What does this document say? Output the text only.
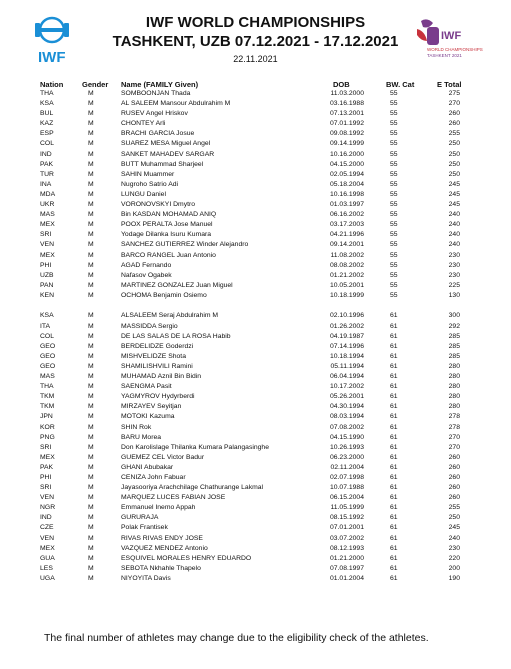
IWF
IWF
WORLD CHAMPIONSHIPS
TASHKENT 2021
IWF WORLD CHAMPIONSHIPS
TASHKENT, UZB 07.12.2021 - 17.12.2021
22.11.2021
Nation Gender Name (FAMILY Given)	DOB	BW. Cat	E Total
THA	M	SOMBOONJAN Thada	11.03.2000	55	275
KSA	M	AL SALEEM Mansour Abdulrahim M	03.16.1988	55	270
BUL	M	RUSEV Angel Hriskov	07.13.2001	55	260
KAZ	M	CHONTEY Arli	07.01.1992	55	260
ESP	M	BRACHI GARCIA Josue	09.08.1992	55	255
COL	M	SUAREZ MESA Miguel Angel	09.14.1999	55	250
IND	M	SANKET MAHADEV SARGAR	10.16.2000	55	250
PAK	M	BUTT Muhammad Sharjeel	04.15.2000	55	250
TUR	M	SAHIN Muammer	02.05.1994	55	250
INA	M	Nugroho Satrio Adi	05.18.2004	55	245
MDA	M	LUNGU Daniel	10.16.1998	55	245
UKR	M	VORONOVSKYI Dmytro	01.03.1997	55	245
MAS	M	Bin KASDAN MOHAMAD ANIQ	06.16.2002	55	240
MEX	M	POOX PERALTA Jose Manuel	03.17.2003	55	240
SRI	M	Yodage Dilanka Isuru Kumara	04.21.1996	55	240
VEN	M	SANCHEZ GUTIERREZ Winder Alejandro	09.14.2001	55	240
MEX	M	BARCO RANGEL Juan Antonio	11.08.2002	55	230
PHI	M	AGAD Fernando	08.08.2002	55	230
UZB	M	Nafasov Ogabek	01.21.2002	55	230
PAN	M	MARTINEZ GONZALEZ Juan Miguel	10.05.2001	55	225
KEN	M	OCHOMA Benjamin Osiemo	10.18.1999	55	130
KSA	M	ALSALEEM Seraj Abdulrahim M	02.10.1996	61	300
ITA	M	MASSIDDA Sergio	01.26.2002	61	292
COL	M	DE LAS SALAS DE LA ROSA Habib	04.19.1987	61	285
GEO	M	BERDELIDZE Goderdzi	07.14.1996	61	285
GEO	M	MISHVELIDZE Shota	10.18.1994	61	285
GEO	M	SHAMILISHVILI Ramini	05.11.1994	61	280
MAS	M	MUHAMAD Aznil Bin Bidin	06.04.1994	61	280
THA	M	SAENGMA Pasit	10.17.2002	61	280
TKM	M	YAGMYROV Hydyrberdi	05.26.2001	61	280
TKM	M	MIRZAYEV Seyitjan	04.30.1994	61	280
JPN	M	MOTOKI Kazuma	08.03.1994	61	278
KOR	M	SHIN Rok	07.08.2002	61	278
PNG	M	BARU Morea	04.15.1990	61	270
SRI	M	Don Karolislage Thilanka Kumara Palangasinghe	10.26.1993	61	270
MEX	M	GUEMEZ CEL Victor Badur	06.23.2000	61	260
PAK	M	GHANI Abubakar	02.11.2004	61	260
PHI	M	CENIZA John Fabuar	02.07.1998	61	260
SRI	M	Jayasooriya Arachchilage Chathurange Lakmal	10.07.1988	61	260
VEN	M	MARQUEZ LUCES FABIAN JOSE	06.15.2004	61	260
NGR	M	Emmanuel Inemo Appah	11.05.1999	61	255
IND	M	GURURAJA	08.15.1992	61	250
CZE	M	Polak Frantisek	07.01.2001	61	245
VEN	M	RIVAS RIVAS ENDY JOSE	03.07.2002	61	240
MEX	M	VAZQUEZ MENDEZ Antonio	08.12.1993	61	230
GUA	M	ESQUIVEL MORALES HENRY EDUARDO	01.21.2000	61	220
LES	M	SEBOTA Nkhahle Thapelo	07.08.1997	61	200
UGA	M	NIYOYITA Davis	01.01.2004	61	190
The final number of athletes may change due to the eligibility check of the athletes.
